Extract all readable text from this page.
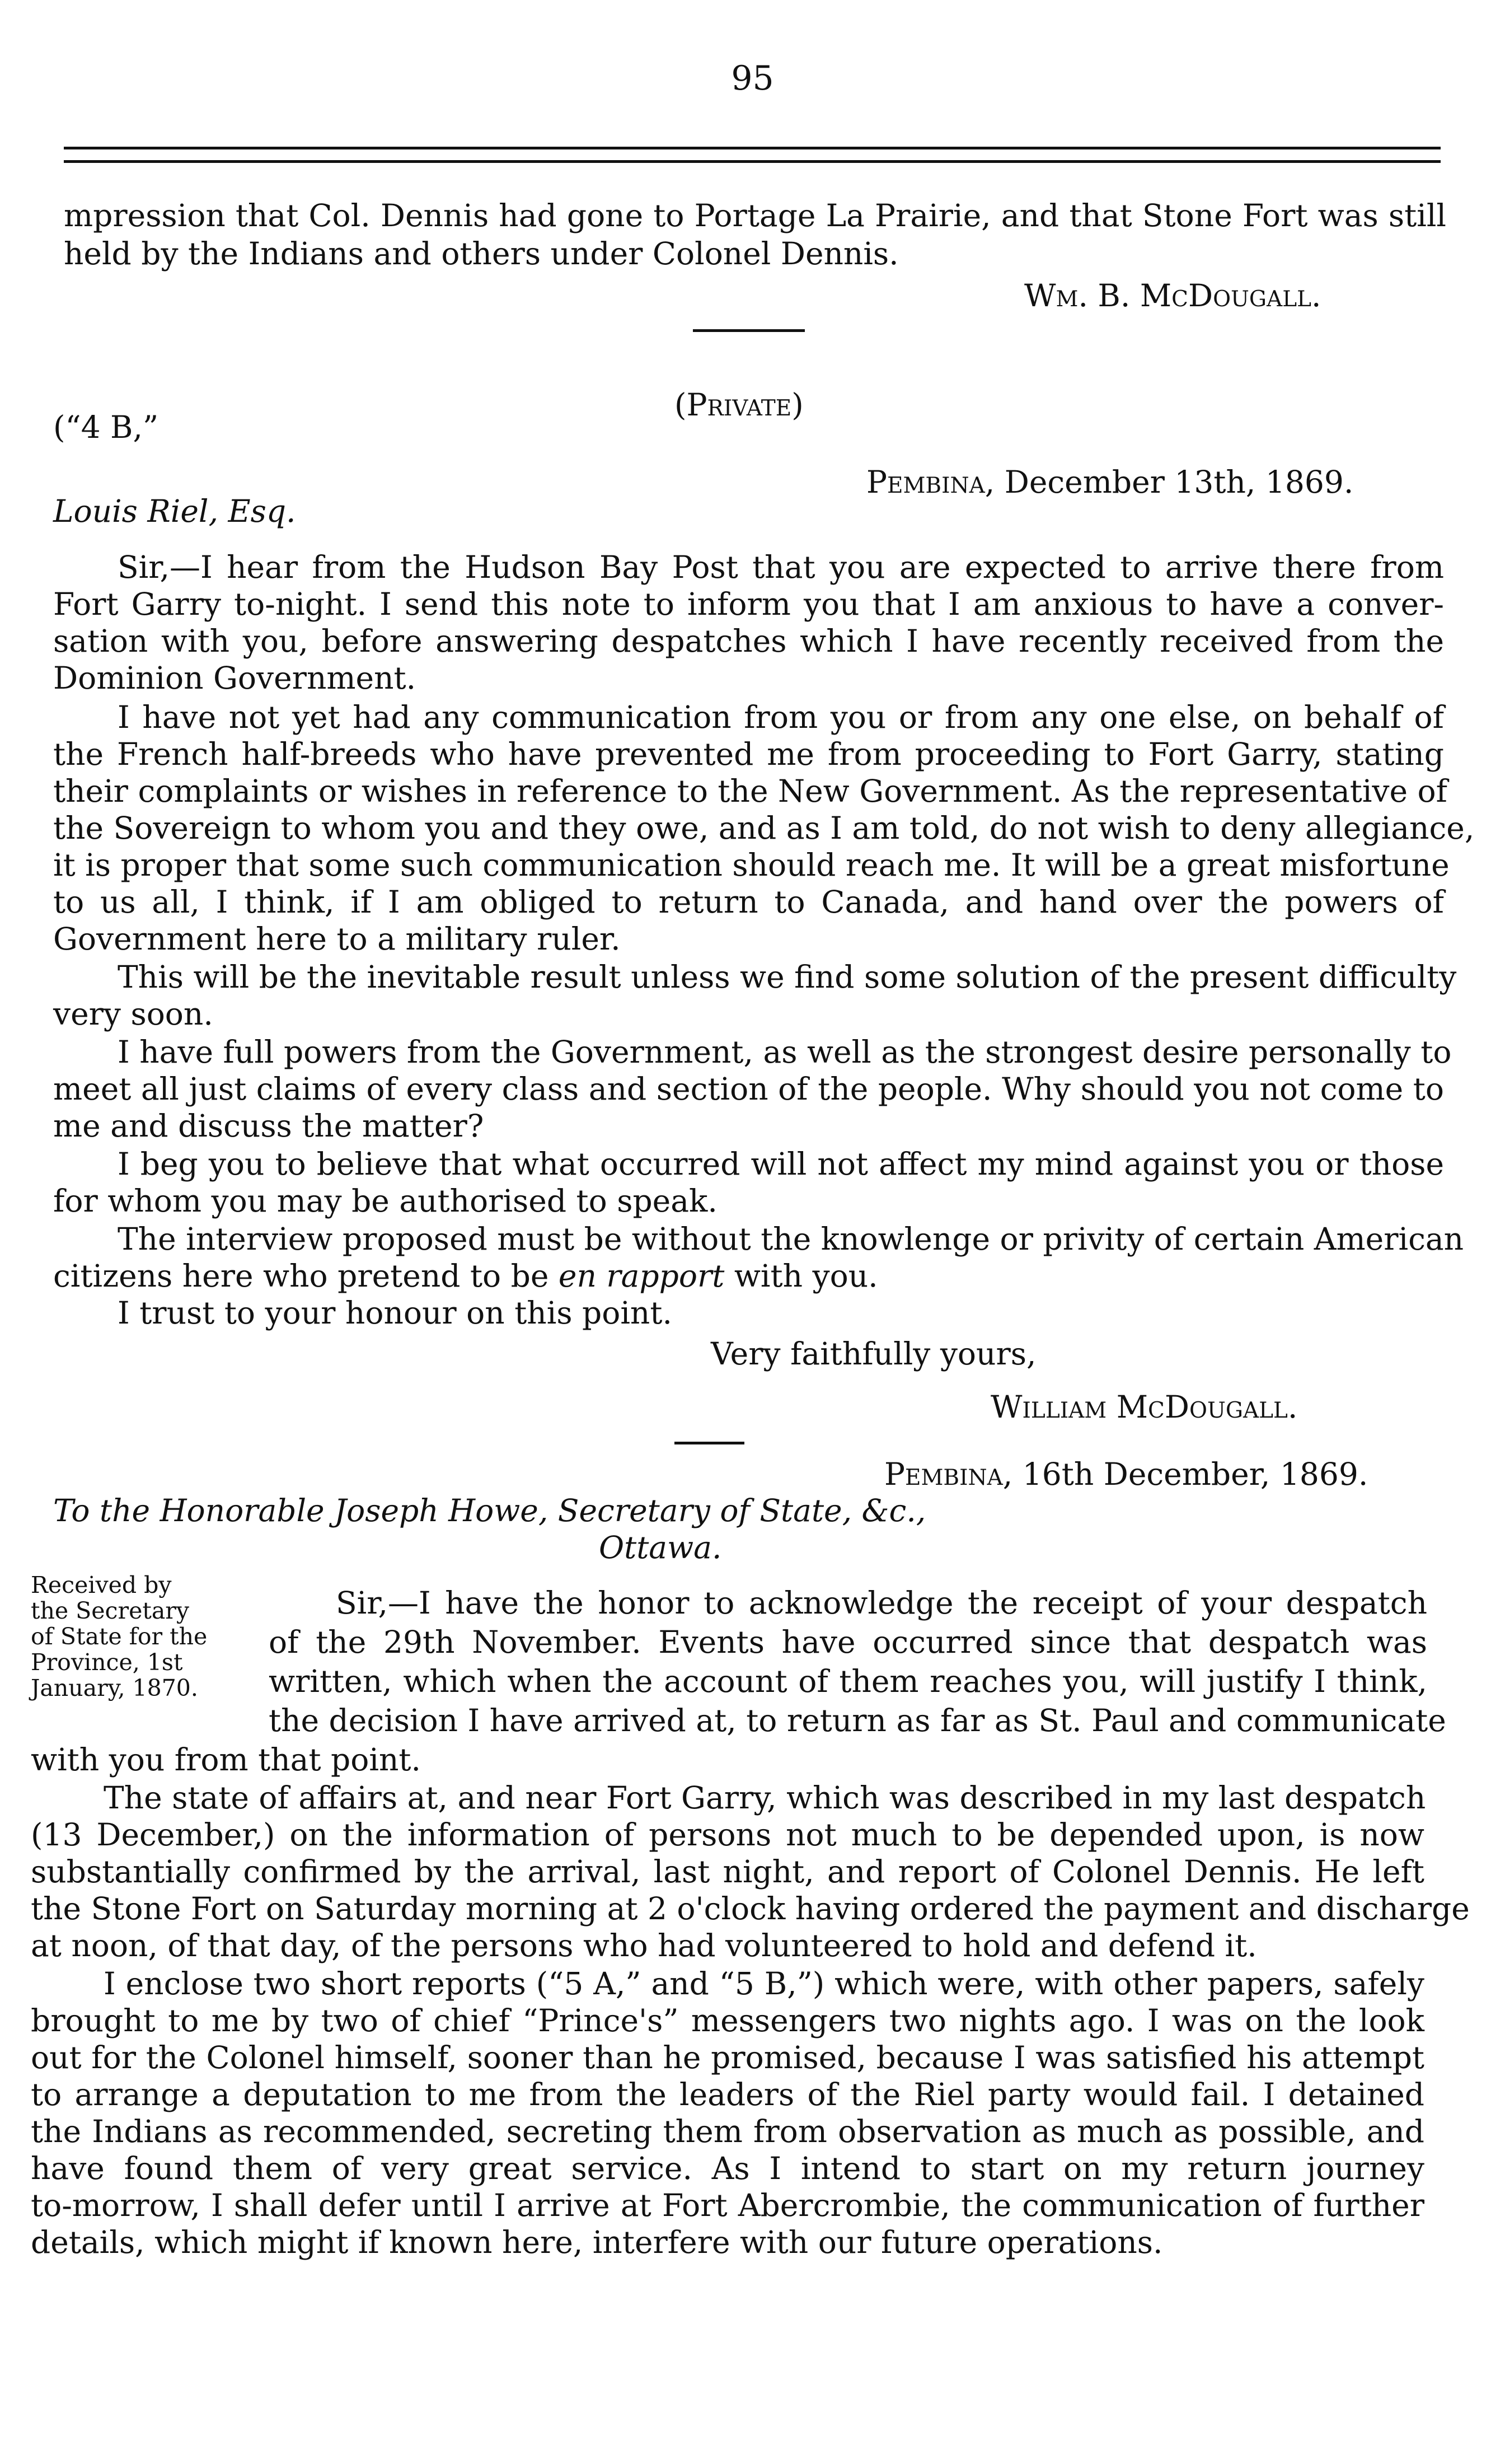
95
mpression that Col. Dennis had gone to Portage La Prairie, and that Stone Fort was still
held by the Indians and others under Colonel Dennis.
Wm. B. McDougall.
(Private)
(“4 B,”
Pembina, December 13th, 1869.
Louis Riel, Esq.
Sir,—I hear from the Hudson Bay Post that you are expected to arrive there from
Fort Garry to-night. I send this note to inform you that I am anxious to have a conver-
sation with you, before answering despatches which I have recently received from the
Dominion Government.
I have not yet had any communication from you or from any one else, on behalf of
the French half-breeds who have prevented me from proceeding to Fort Garry, stating
their complaints or wishes in reference to the New Government. As the representative of
the Sovereign to whom you and they owe, and as I am told, do not wish to deny allegiance,
it is proper that some such communication should reach me. It will be a great misfortune
to us all, I think, if I am obliged to return to Canada, and hand over the powers of
Government here to a military ruler.
This will be the inevitable result unless we find some solution of the present difficulty
very soon.
I have full powers from the Government, as well as the strongest desire personally to
meet all just claims of every class and section of the people. Why should you not come to
me and discuss the matter?
I beg you to believe that what occurred will not affect my mind against you or those
for whom you may be authorised to speak.
The interview proposed must be without the knowlenge or privity of certain American
citizens here who pretend to be en rapport with you.
I trust to your honour on this point.
Very faithfully yours,
William McDougall.
Pembina, 16th December, 1869.
To the Honorable Joseph Howe, Secretary of State, &c.,
Ottawa.
Received by
the Secretary
of State for the
Province, 1st
January, 1870.
Sir,—I have the honor to acknowledge the receipt of your despatch
of the 29th November. Events have occurred since that despatch was
written, which when the account of them reaches you, will justify I think,
the decision I have arrived at, to return as far as St. Paul and communicate
with you from that point.
The state of affairs at, and near Fort Garry, which was described in my last despatch
(13 December,) on the information of persons not much to be depended upon, is now
substantially confirmed by the arrival, last night, and report of Colonel Dennis. He left
the Stone Fort on Saturday morning at 2 o'clock having ordered the payment and discharge
at noon, of that day, of the persons who had volunteered to hold and defend it.
I enclose two short reports (“5 A,” and “5 B,”) which were, with other papers, safely
brought to me by two of chief “Prince's” messengers two nights ago. I was on the look
out for the Colonel himself, sooner than he promised, because I was satisfied his attempt
to arrange a deputation to me from the leaders of the Riel party would fail. I detained
the Indians as recommended, secreting them from observation as much as possible, and
have found them of very great service. As I intend to start on my return journey
to-morrow, I shall defer until I arrive at Fort Abercrombie, the communication of further
details, which might if known here, interfere with our future operations.
